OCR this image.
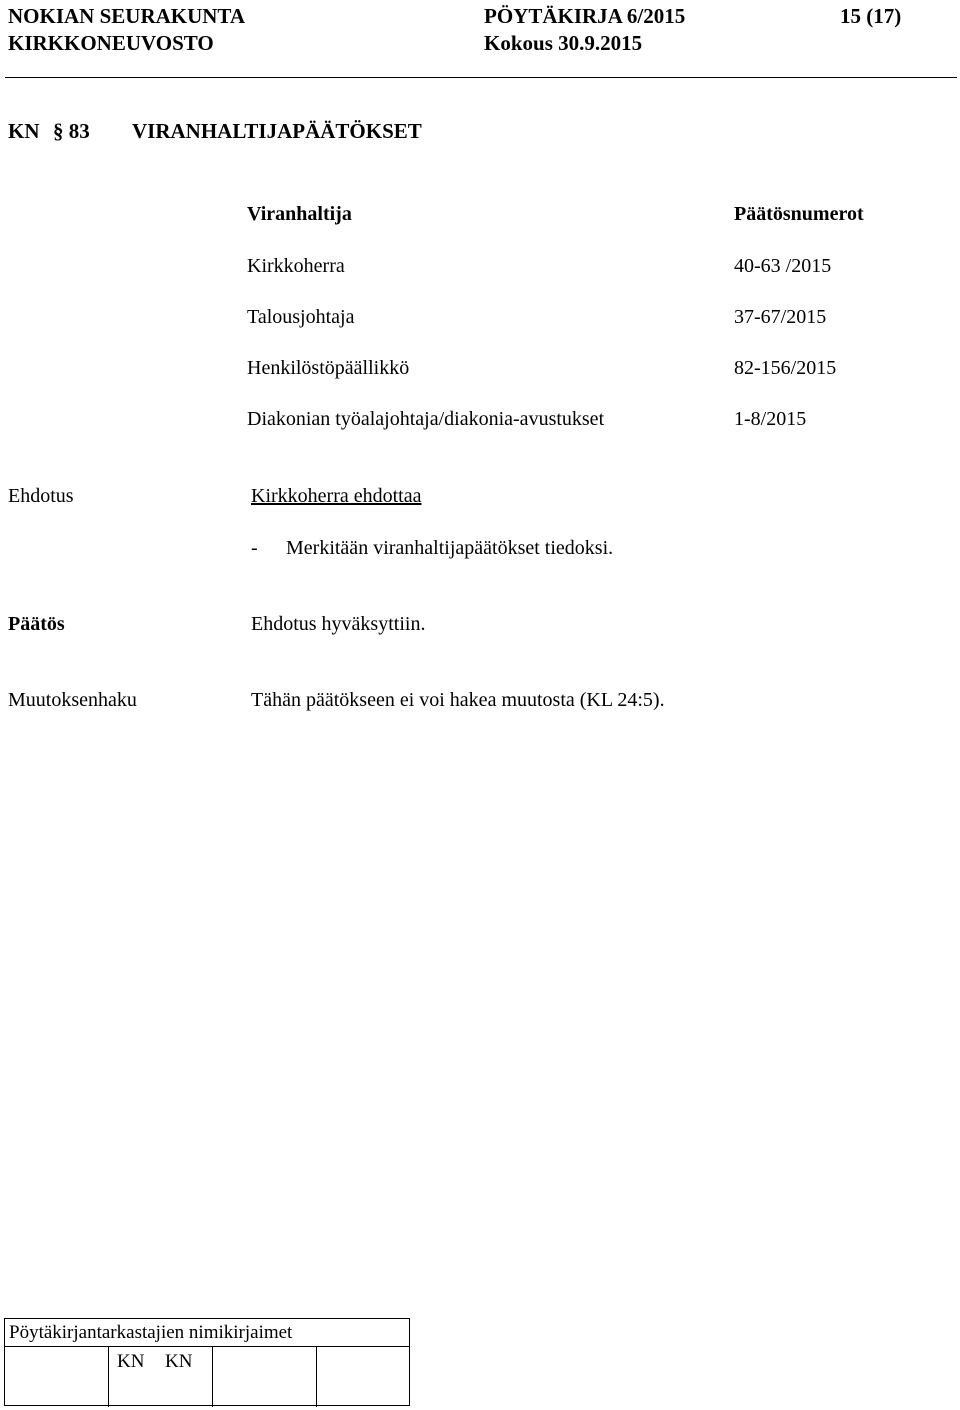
NOKIAN SEURAKUNTA
KIRKKONEUVOSTO
PÖYTÄKIRJA 6/2015
Kokous 30.9.2015
15 (17)
KN § 83 VIRANHALTIJAPÄÄTÖKSET
Viranhaltija	Päätösnumerot
Kirkkoherra	40-63 /2015
Talousjohtaja	37-67/2015
Henkilöstöpäällikkö	82-156/2015
Diakonian työalajohtaja/diakonia-avustukset	1-8/2015
Ehdotus	Kirkkoherra ehdottaa
- Merkitään viranhaltijapäätökset tiedoksi.
Päätös	Ehdotus hyväksyttiin.
Muutoksenhaku	Tähän päätökseen ei voi hakea muutosta (KL 24:5).
Pöytäkirjantarkastajien nimikirjaimet
KN KN
